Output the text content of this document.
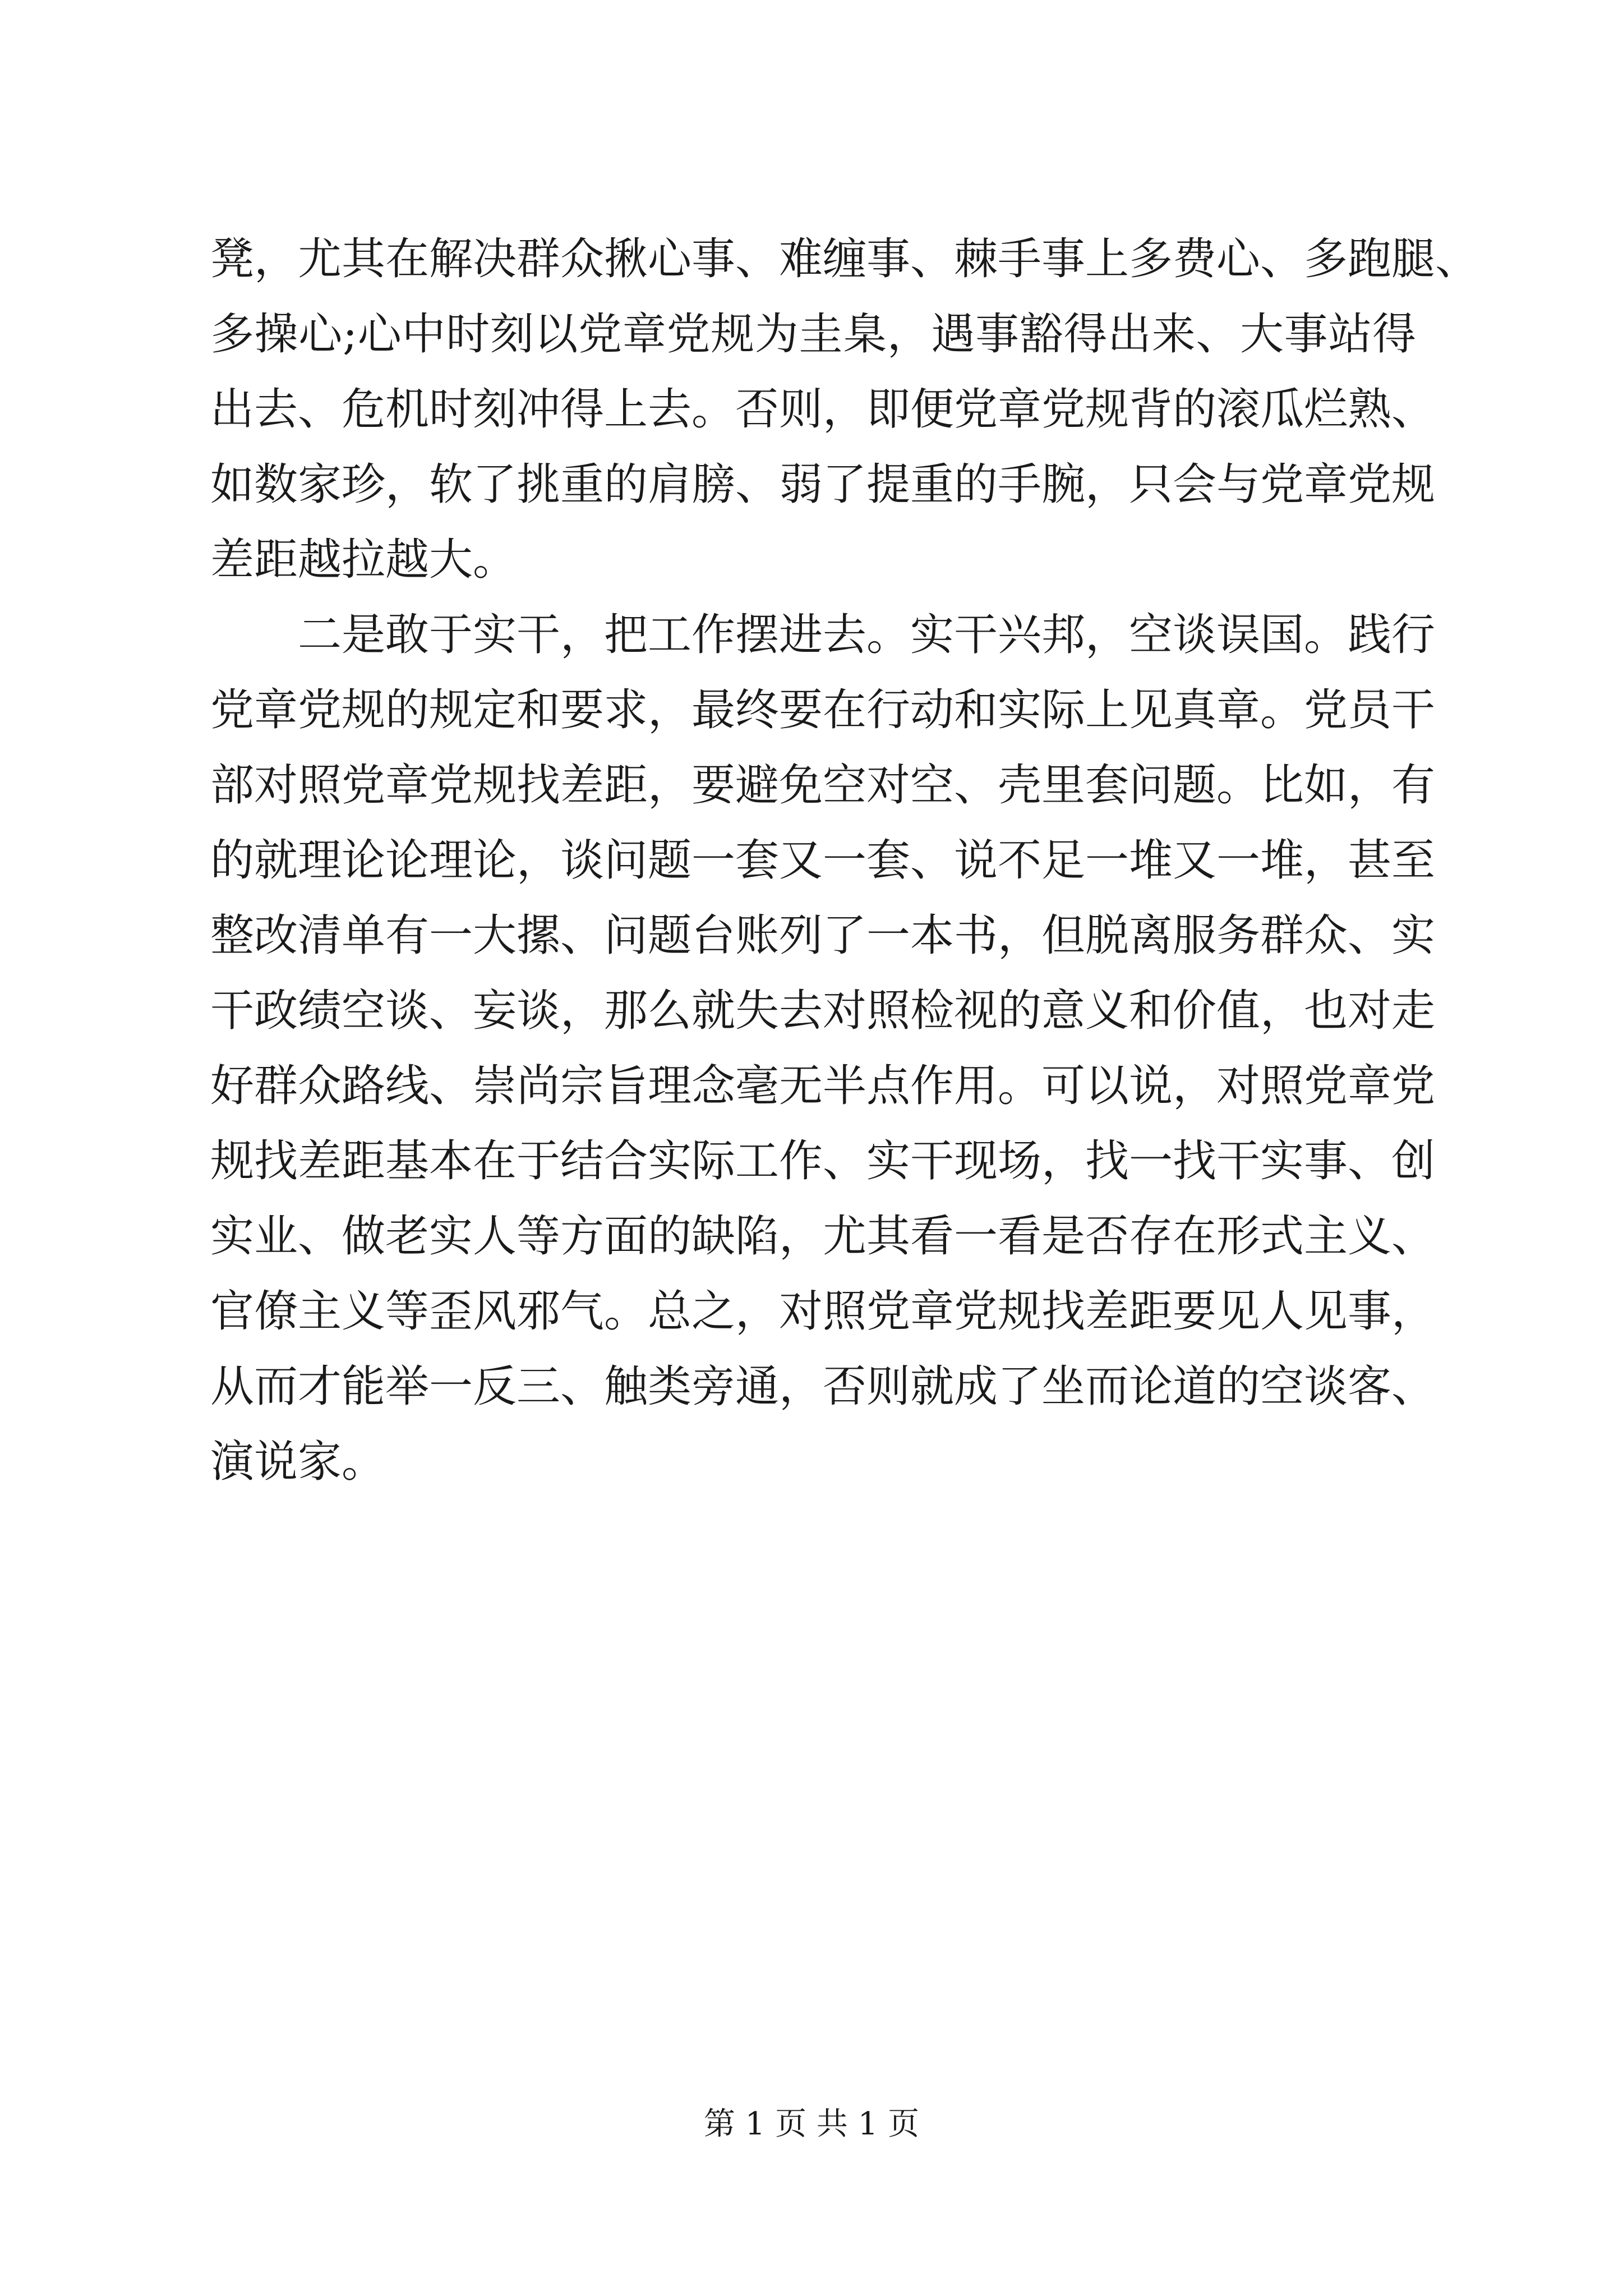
凳，尤其在解决群众揪心事、难缠事、棘手事上多费心、多跑腿、
多操心;心中时刻以党章党规为圭臬，遇事豁得出来、大事站得
出去、危机时刻冲得上去。否则，即便党章党规背的滚瓜烂熟、
如数家珍，软了挑重的肩膀、弱了提重的手腕，只会与党章党规
差距越拉越大。
二是敢于实干，把工作摆进去。实干兴邦，空谈误国。践行
党章党规的规定和要求，最终要在行动和实际上见真章。党员干
部对照党章党规找差距，要避免空对空、壳里套问题。比如，有
的就理论论理论，谈问题一套又一套、说不足一堆又一堆，甚至
整改清单有一大摞、问题台账列了一本书，但脱离服务群众、实
干政绩空谈、妄谈，那么就失去对照检视的意义和价值，也对走
好群众路线、崇尚宗旨理念毫无半点作用。可以说，对照党章党
规找差距基本在于结合实际工作、实干现场，找一找干实事、创
实业、做老实人等方面的缺陷，尤其看一看是否存在形式主义、
官僚主义等歪风邪气。总之，对照党章党规找差距要见人见事，
从而才能举一反三、触类旁通，否则就成了坐而论道的空谈客、
演说家。
第 1 页 共 1 页
